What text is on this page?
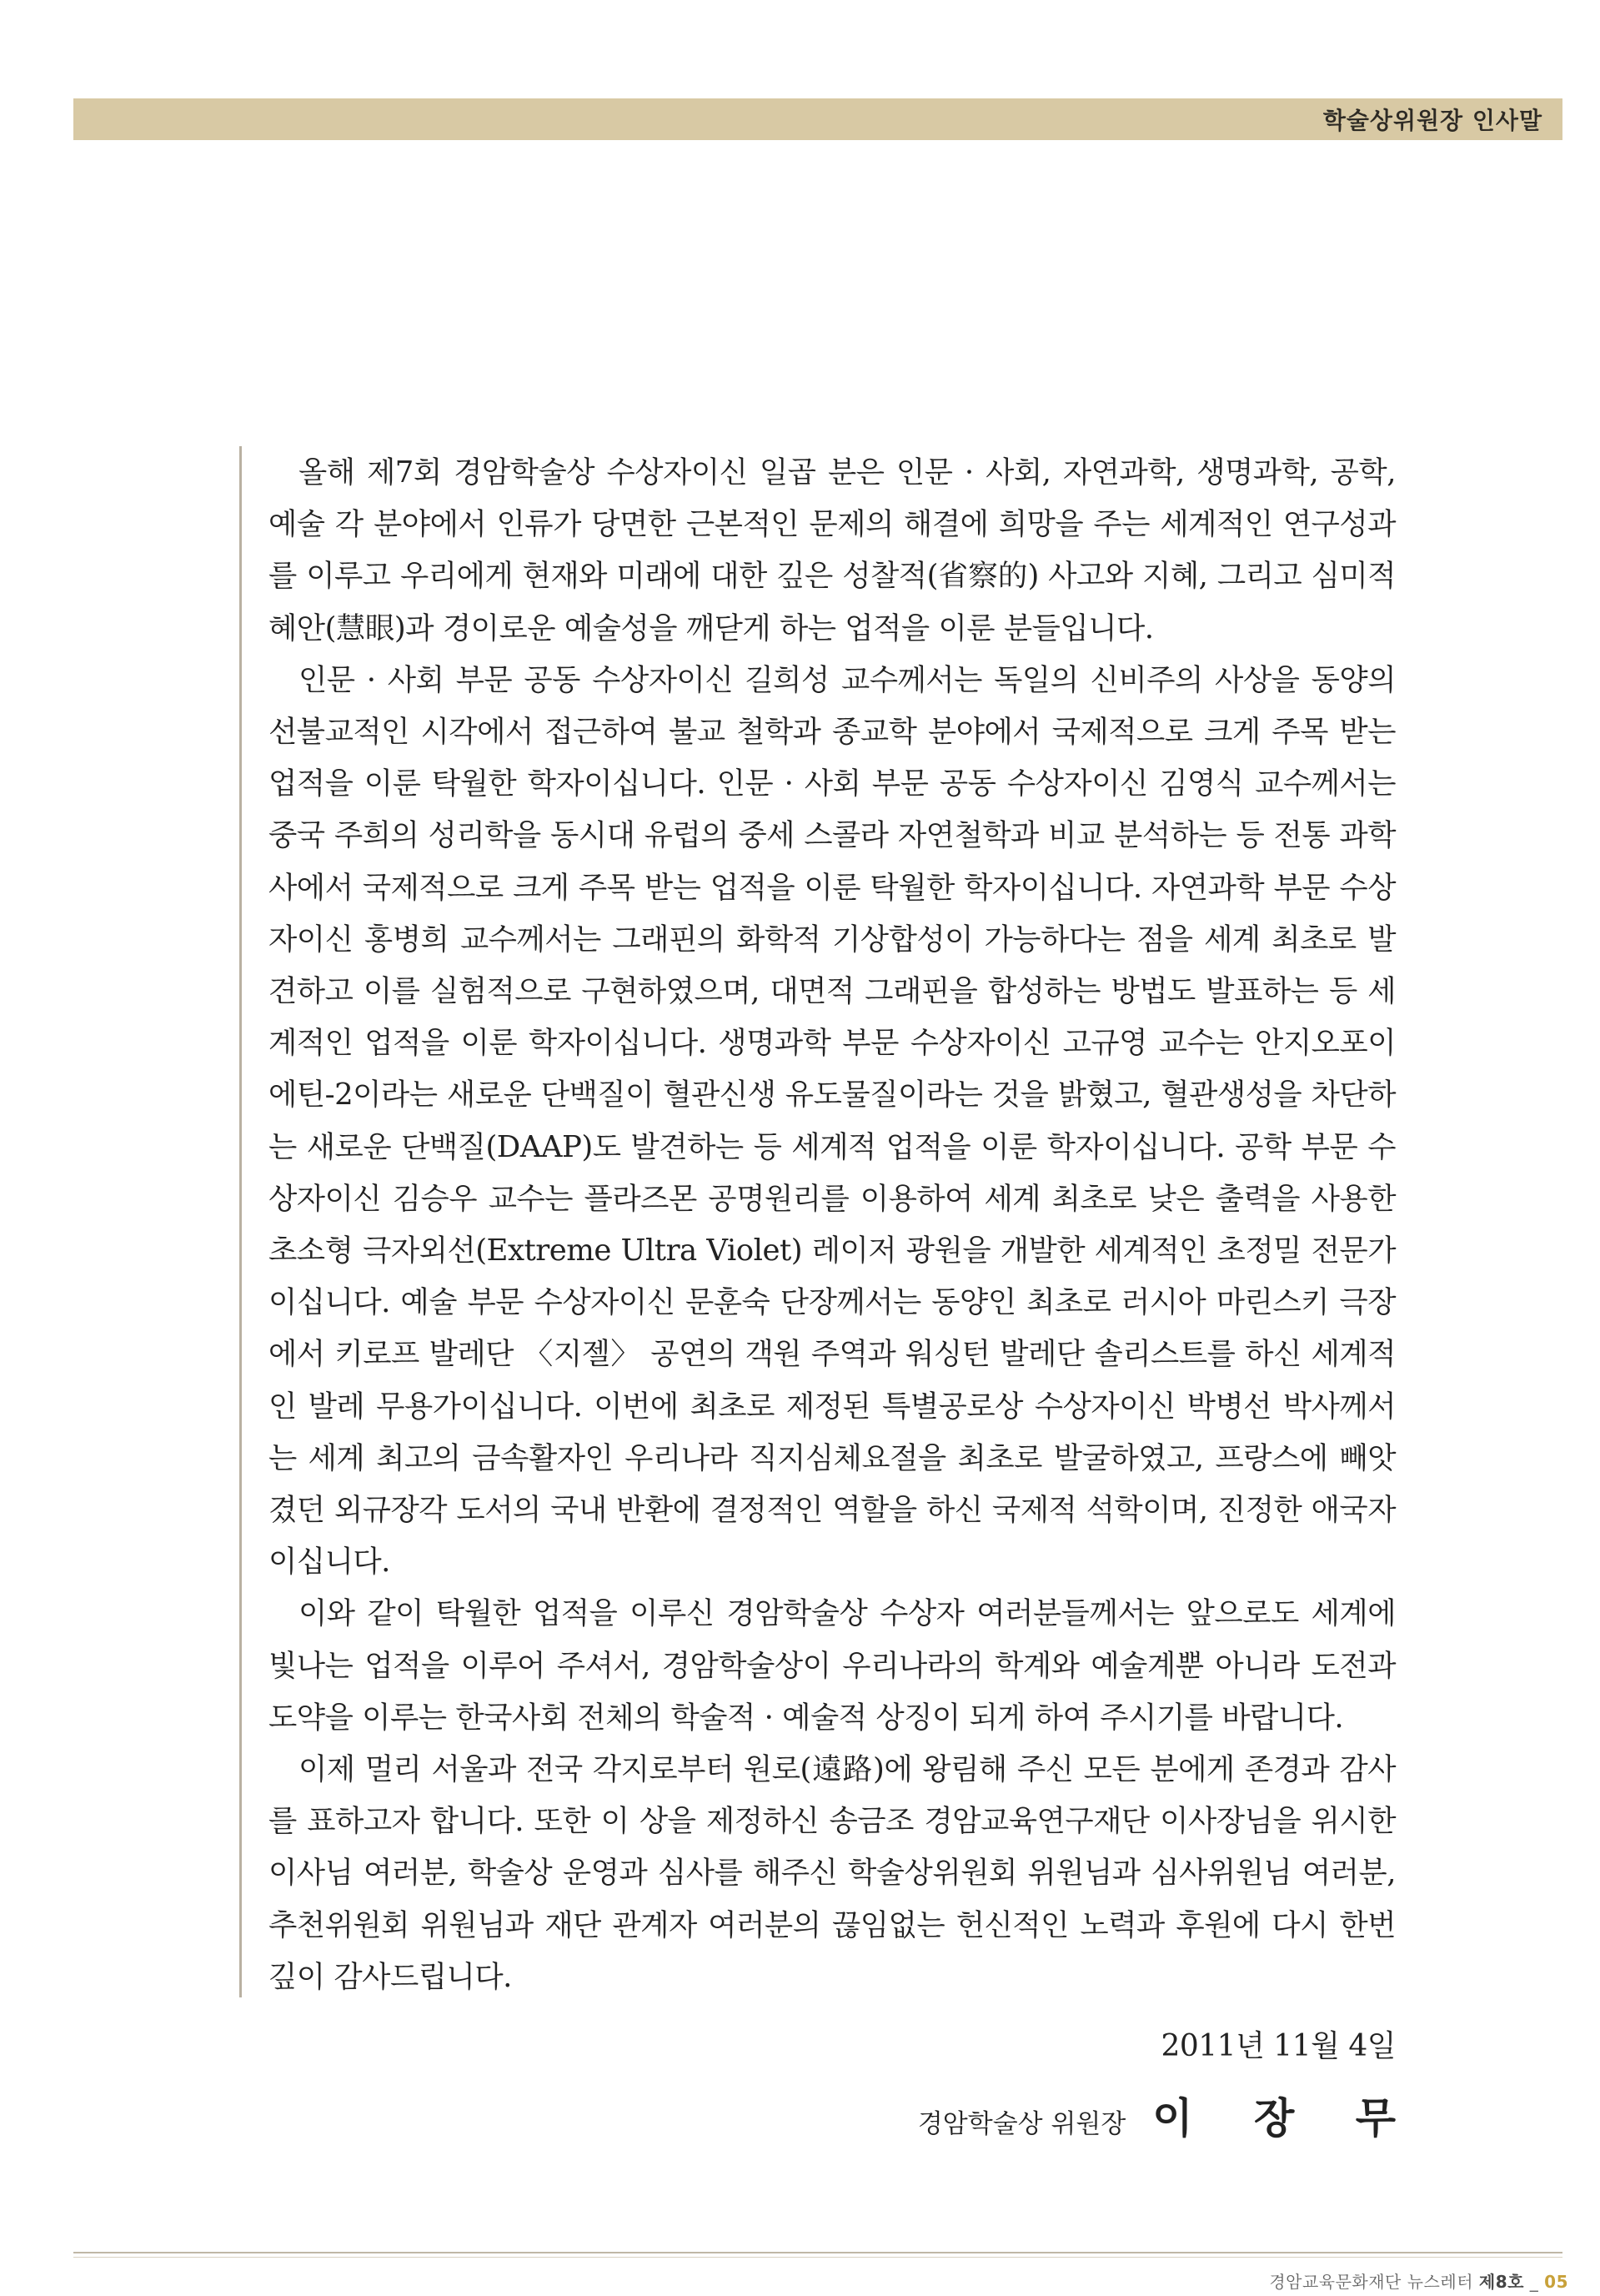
학술상위원장 인사말

올해 제7회 경암학술상 수상자이신 일곱 분은 인문 · 사회, 자연과학, 생명과학, 공학, 예술 각 분야에서 인류가 당면한 근본적인 문제의 해결에 희망을 주는 세계적인 연구성과를 이루고 우리에게 현재와 미래에 대한 깊은 성찰적(省察的) 사고와 지혜, 그리고 심미적 혜안(慧眼)과 경이로운 예술성을 깨닫게 하는 업적을 이룬 분들입니다.

인문 · 사회 부문 공동 수상자이신 길희성 교수께서는 독일의 신비주의 사상을 동양의 선불교적인 시각에서 접근하여 불교 철학과 종교학 분야에서 국제적으로 크게 주목 받는 업적을 이룬 탁월한 학자이십니다. 인문 · 사회 부문 공동 수상자이신 김영식 교수께서는 중국 주희의 성리학을 동시대 유럽의 중세 스콜라 자연철학과 비교 분석하는 등 전통 과학사에서 국제적으로 크게 주목 받는 업적을 이룬 탁월한 학자이십니다. 자연과학 부문 수상자이신 홍병희 교수께서는 그래핀의 화학적 기상합성이 가능하다는 점을 세계 최초로 발견하고 이를 실험적으로 구현하였으며, 대면적 그래핀을 합성하는 방법도 발표하는 등 세계적인 업적을 이룬 학자이십니다. 생명과학 부문 수상자이신 고규영 교수는 안지오포이에틴-2이라는 새로운 단백질이 혈관신생 유도물질이라는 것을 밝혔고, 혈관생성을 차단하는 새로운 단백질(DAAP)도 발견하는 등 세계적 업적을 이룬 학자이십니다. 공학 부문 수상자이신 김승우 교수는 플라즈몬 공명원리를 이용하여 세계 최초로 낮은 출력을 사용한 초소형 극자외선(Extreme Ultra Violet) 레이저 광원을 개발한 세계적인 초정밀 전문가이십니다. 예술 부문 수상자이신 문훈숙 단장께서는 동양인 최초로 러시아 마린스키 극장에서 키로프 발레단 〈지젤〉 공연의 객원 주역과 워싱턴 발레단 솔리스트를 하신 세계적인 발레 무용가이십니다. 이번에 최초로 제정된 특별공로상 수상자이신 박병선 박사께서는 세계 최고의 금속활자인 우리나라 직지심체요절을 최초로 발굴하였고, 프랑스에 빼앗겼던 외규장각 도서의 국내 반환에 결정적인 역할을 하신 국제적 석학이며, 진정한 애국자이십니다.

이와 같이 탁월한 업적을 이루신 경암학술상 수상자 여러분들께서는 앞으로도 세계에 빛나는 업적을 이루어 주셔서, 경암학술상이 우리나라의 학계와 예술계뿐 아니라 도전과 도약을 이루는 한국사회 전체의 학술적 · 예술적 상징이 되게 하여 주시기를 바랍니다.

이제 멀리 서울과 전국 각지로부터 원로(遠路)에 왕림해 주신 모든 분에게 존경과 감사를 표하고자 합니다. 또한 이 상을 제정하신 송금조 경암교육연구재단 이사장님을 위시한 이사님 여러분, 학술상 운영과 심사를 해주신 학술상위원회 위원님과 심사위원님 여러분, 추천위원회 위원님과 재단 관계자 여러분의 끊임없는 헌신적인 노력과 후원에 다시 한번 깊이 감사드립니다.

2011년 11월 4일
경암학술상 위원장 이 장 무
경암교육문화재단 뉴스레터 제8호 _ 05
